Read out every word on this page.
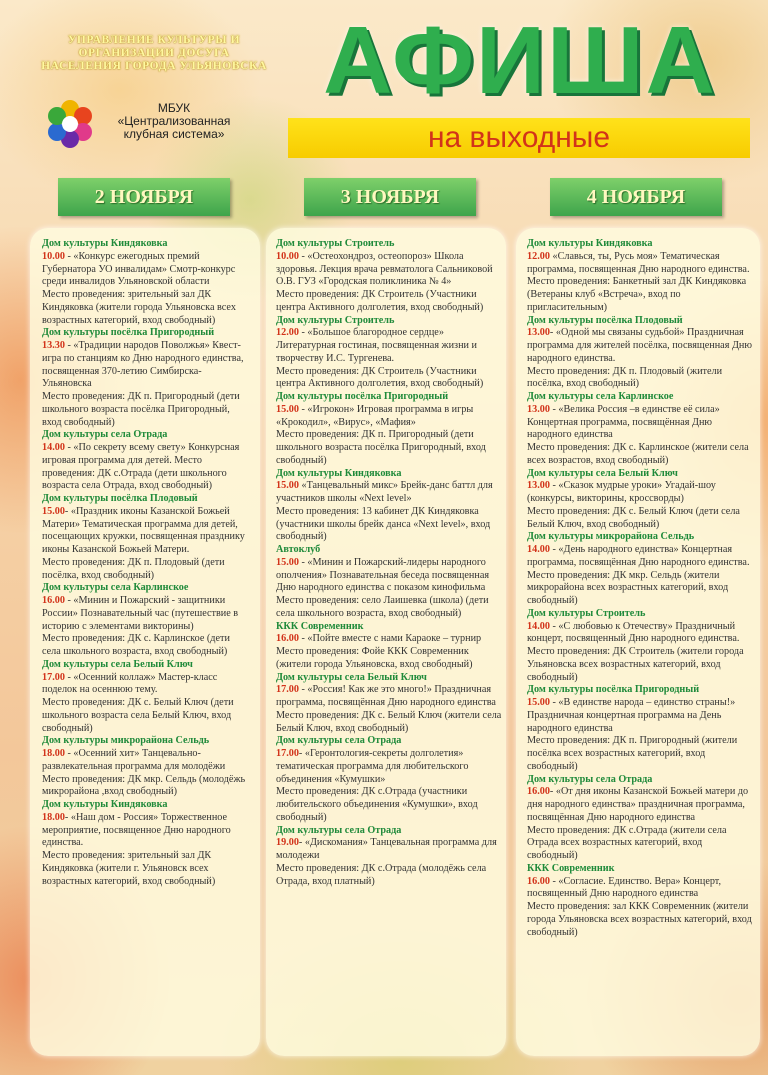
УПРАВЛЕНИЕ КУЛЬТУРЫ И
ОРГАНИЗАЦИИ ДОСУГА
НАСЕЛЕНИЯ ГОРОДА УЛЬЯНОВСКА
МБУК
«Централизованная
клубная система»
АФИША
на выходные
2 НОЯБРЯ	3 НОЯБРЯ	4 НОЯБРЯ
Дом культуры Киндяковка
10.00 - «Конкурс ежегодных премий Губернатора УО инвалидам» Смотр-конкурс среди инвалидов Ульяновской области
Место проведения: зрительный зал ДК Киндяковка (жители города Ульяновска всех возрастных категорий, вход свободный)
Дом культуры посёлка Пригородный
13.30 - «Традиции народов Поволжья» Квест-игра по станциям ко Дню народного единства, посвященная 370-летию Симбирска-Ульяновска
Место проведения: ДК п. Пригородный (дети школьного возраста посёлка Пригородный, вход свободный)
Дом культуры села Отрада
14.00 - «По секрету всему свету» Конкурсная игровая программа для детей. Место проведения: ДК с.Отрада (дети школьного возраста села Отрада, вход свободный)
Дом культуры посёлка Плодовый
15.00- «Праздник иконы Казанской Божьей Матери» Тематическая программа для детей, посещающих кружки, посвященная празднику иконы Казанской Божьей Матери.
Место проведения: ДК п. Плодовый (дети посёлка, вход свободный)
Дом культуры села Карлинское
16.00 - «Минин и Пожарский - защитники России» Познавательный час (путешествие в историю с элементами викторины)
Место проведения: ДК с. Карлинское (дети села школьного возраста, вход свободный)
Дом культуры села Белый Ключ
17.00 - «Осенний коллаж» Мастер-класс поделок на осеннюю тему.
Место проведения: ДК с. Белый Ключ (дети школьного возраста села Белый Ключ, вход свободный)
Дом культуры микрорайона Сельдь
18.00 - «Осенний хит» Танцевально-развлекательная программа для молодёжи
Место проведения: ДК мкр. Сельдь (молодёжь микрорайона ,вход свободный)
Дом культуры Киндяковка
18.00- «Наш дом - Россия» Торжественное мероприятие, посвященное Дню народного единства.
Место проведения: зрительный зал ДК Киндяковка (жители г. Ульяновск всех возрастных категорий, вход свободный)
Дом культуры Строитель
10.00 - «Остеохондроз, остеопороз» Школа здоровья. Лекция врача ревматолога Сальниковой О.В. ГУЗ «Городская поликлиника № 4»
Место проведения: ДК Строитель (Участники центра Активного долголетия, вход свободный)
Дом культуры Строитель
12.00 - «Большое благородное сердце» Литературная гостиная, посвященная жизни и творчеству И.С. Тургенева.
Место проведения: ДК Строитель (Участники центра Активного долголетия, вход свободный)
Дом культуры посёлка Пригородный
15.00 - «Игрокон» Игровая программа в игры «Крокодил», «Вирус», «Мафия»
Место проведения: ДК п. Пригородный (дети школьного возраста посёлка Пригородный, вход свободный)
Дом культуры Киндяковка
15.00 «Танцевальный микс» Брейк-данс баттл для участников школы «Next level»
Место проведения: 13 кабинет ДК Киндяковка (участники школы брейк данса «Next level», вход свободный)
Автоклуб
15.00 - «Минин и Пожарский-лидеры народного ополчения» Познавательная беседа посвященная Дню народного единства с показом кинофильма
Место проведения: село Лаишевка (школа) (дети села школьного возраста, вход свободный)
ККК Современник
16.00 - «Пойте вместе с нами Караоке – турнир
Место проведения: Фойе ККК Современник (жители города Ульяновска, вход свободный)
Дом культуры села Белый Ключ
17.00 - «Россия! Как же это много!» Праздничная программа, посвящённая Дню народного единства
Место проведения: ДК с. Белый Ключ (жители села Белый Ключ, вход свободный)
Дом культуры села Отрада
17.00- «Геронтология-секреты долголетия» тематическая программа для любительского объединения «Кумушки»
Место проведения: ДК с.Отрада (участники любительского объединения «Кумушки», вход свободный)
Дом культуры села Отрада
19.00- «Дискомания» Танцевальная программа для молодежи
Место проведения: ДК с.Отрада (молодёжь села Отрада, вход платный)
Дом культуры Киндяковка
12.00 «Славься, ты, Русь моя» Тематическая программа, посвященная Дню народного единства.
Место проведения: Банкетный зал ДК Киндяковка (Ветераны клуб «Встреча», вход по пригласительным)
Дом культуры посёлка Плодовый
13.00- «Одной мы связаны судьбой» Праздничная программа для жителей посёлка, посвященная Дню народного единства.
Место проведения: ДК п. Плодовый (жители посёлка, вход свободный)
Дом культуры села Карлинское
13.00 - «Велика Россия –в единстве её сила» Концертная программа, посвящённая Дню народного единства
Место проведения: ДК с. Карлинское (жители села всех возрастов, вход свободный)
Дом культуры села Белый Ключ
13.00 - «Сказок мудрые уроки» Угадай-шоу (конкурсы, викторины, кроссворды)
Место проведения: ДК с. Белый Ключ (дети села Белый Ключ, вход свободный)
Дом культуры микрорайона Сельдь
14.00 - «День народного единства» Концертная программа, посвящённая Дню народного единства.
Место проведения: ДК мкр. Сельдь (жители микрорайона всех возрастных категорий, вход свободный)
Дом культуры Строитель
14.00 - «С любовью к Отечеству» Праздничный концерт, посвященный Дню народного единства.
Место проведения: ДК Строитель (жители города Ульяновска всех возрастных категорий, вход свободный)
Дом культуры посёлка Пригородный
15.00 - «В единстве народа – единство страны!» Праздничная концертная программа на День народного единства
Место проведения: ДК п. Пригородный (жители посёлка всех возрастных категорий, вход свободный)
Дом культуры села Отрада
16.00- «От дня иконы Казанской Божьей матери до дня народного единства» праздничная программа, посвящённая Дню народного единства
Место проведения: ДК с.Отрада (жители села Отрада всех возрастных категорий, вход свободный)
ККК Современник
16.00 - «Согласие. Единство. Вера» Концерт, посвященный Дню народного единства
Место проведения: зал ККК Современник (жители города Ульяновска всех возрастных категорий, вход свободный)
